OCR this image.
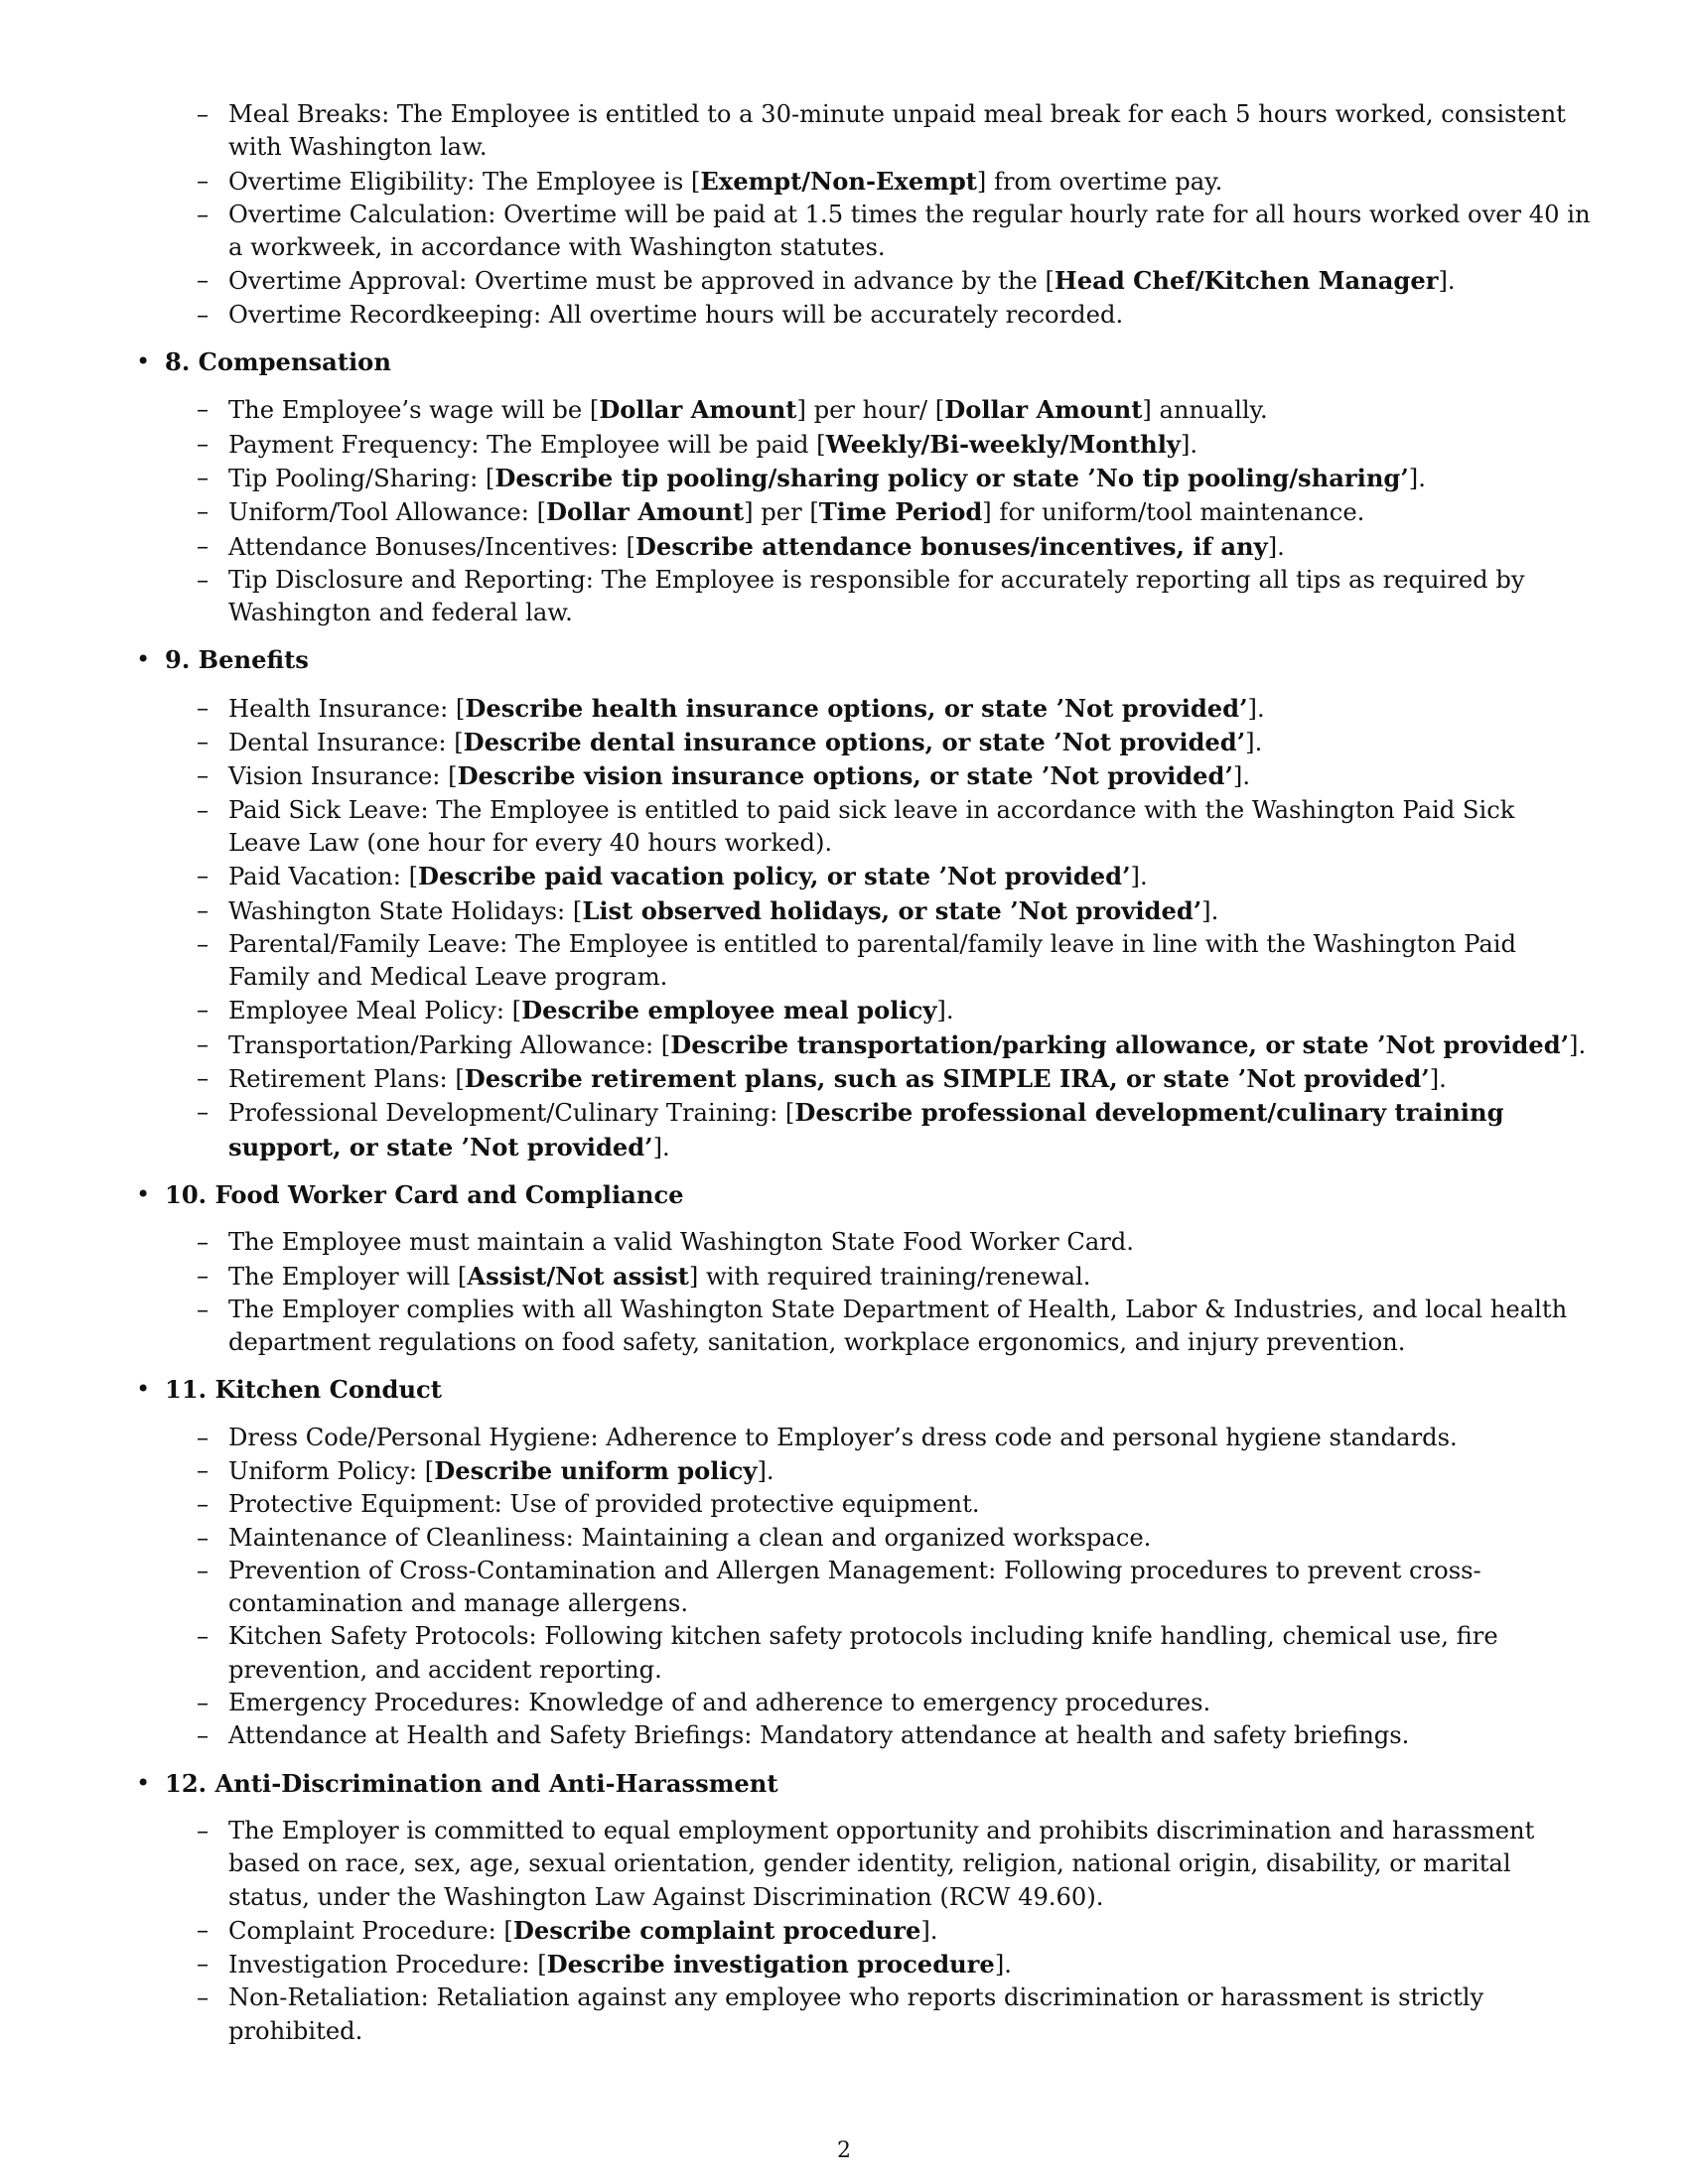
– Meal Breaks: The Employee is entitled to a 30-minute unpaid meal break for each 5 hours worked, consistent with Washington law.
– Overtime Eligibility: The Employee is [Exempt/Non-Exempt] from overtime pay.
– Overtime Calculation: Overtime will be paid at 1.5 times the regular hourly rate for all hours worked over 40 in a workweek, in accordance with Washington statutes.
– Overtime Approval: Overtime must be approved in advance by the [Head Chef/Kitchen Manager].
– Overtime Recordkeeping: All overtime hours will be accurately recorded.
• 8. Compensation
– The Employee’s wage will be [Dollar Amount] per hour/ [Dollar Amount] annually.
– Payment Frequency: The Employee will be paid [Weekly/Bi-weekly/Monthly].
– Tip Pooling/Sharing: [Describe tip pooling/sharing policy or state ’No tip pooling/sharing’].
– Uniform/Tool Allowance: [Dollar Amount] per [Time Period] for uniform/tool maintenance.
– Attendance Bonuses/Incentives: [Describe attendance bonuses/incentives, if any].
– Tip Disclosure and Reporting: The Employee is responsible for accurately reporting all tips as required by Washington and federal law.
• 9. Benefits
– Health Insurance: [Describe health insurance options, or state ’Not provided’].
– Dental Insurance: [Describe dental insurance options, or state ’Not provided’].
– Vision Insurance: [Describe vision insurance options, or state ’Not provided’].
– Paid Sick Leave: The Employee is entitled to paid sick leave in accordance with the Washington Paid Sick Leave Law (one hour for every 40 hours worked).
– Paid Vacation: [Describe paid vacation policy, or state ’Not provided’].
– Washington State Holidays: [List observed holidays, or state ’Not provided’].
– Parental/Family Leave: The Employee is entitled to parental/family leave in line with the Washington Paid Family and Medical Leave program.
– Employee Meal Policy: [Describe employee meal policy].
– Transportation/Parking Allowance: [Describe transportation/parking allowance, or state ’Not provided’].
– Retirement Plans: [Describe retirement plans, such as SIMPLE IRA, or state ’Not provided’].
– Professional Development/Culinary Training: [Describe professional development/culinary training support, or state ’Not provided’].
• 10. Food Worker Card and Compliance
– The Employee must maintain a valid Washington State Food Worker Card.
– The Employer will [Assist/Not assist] with required training/renewal.
– The Employer complies with all Washington State Department of Health, Labor & Industries, and local health department regulations on food safety, sanitation, workplace ergonomics, and injury prevention.
• 11. Kitchen Conduct
– Dress Code/Personal Hygiene: Adherence to Employer’s dress code and personal hygiene standards.
– Uniform Policy: [Describe uniform policy].
– Protective Equipment: Use of provided protective equipment.
– Maintenance of Cleanliness: Maintaining a clean and organized workspace.
– Prevention of Cross-Contamination and Allergen Management: Following procedures to prevent cross-contamination and manage allergens.
– Kitchen Safety Protocols: Following kitchen safety protocols including knife handling, chemical use, fire prevention, and accident reporting.
– Emergency Procedures: Knowledge of and adherence to emergency procedures.
– Attendance at Health and Safety Briefings: Mandatory attendance at health and safety briefings.
• 12. Anti-Discrimination and Anti-Harassment
– The Employer is committed to equal employment opportunity and prohibits discrimination and harassment based on race, sex, age, sexual orientation, gender identity, religion, national origin, disability, or marital status, under the Washington Law Against Discrimination (RCW 49.60).
– Complaint Procedure: [Describe complaint procedure].
– Investigation Procedure: [Describe investigation procedure].
– Non-Retaliation: Retaliation against any employee who reports discrimination or harassment is strictly prohibited.
2
